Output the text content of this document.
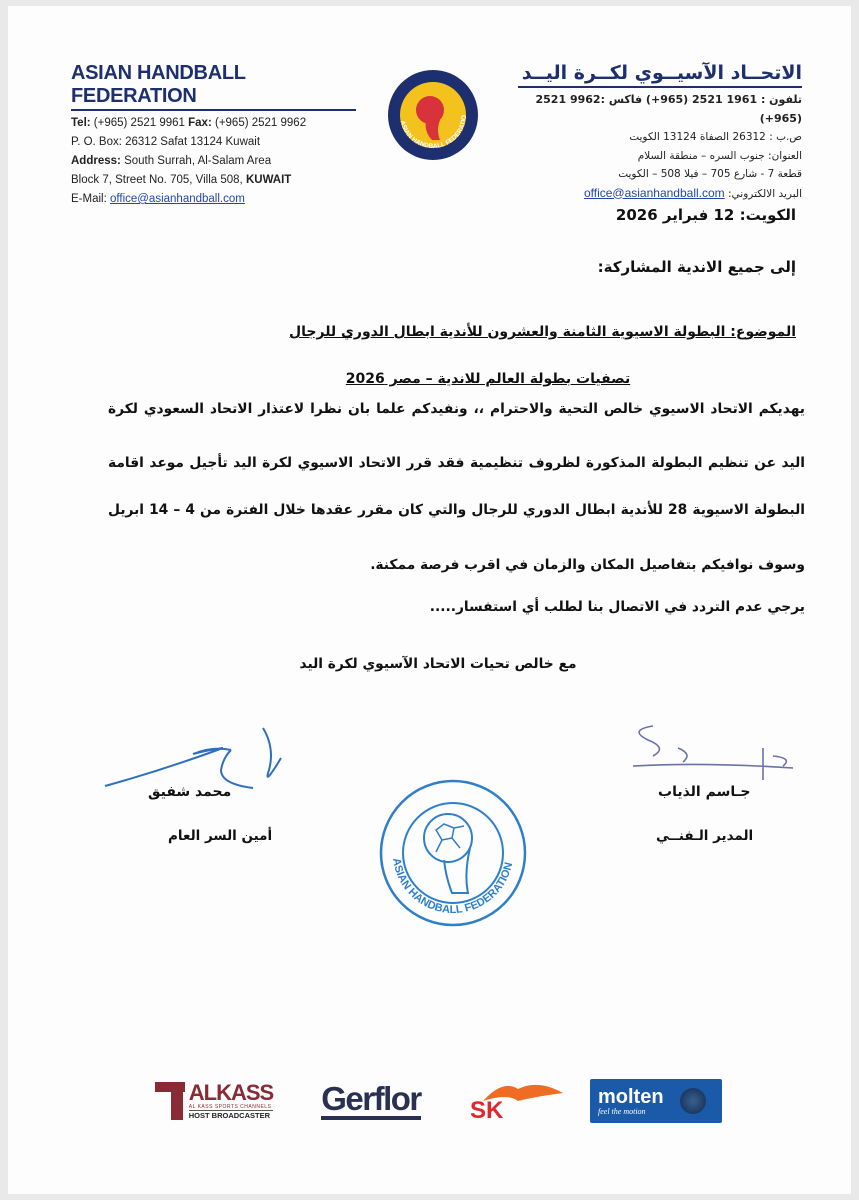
ASIAN HANDBALL FEDERATION
Tel: (+965) 2521 9961 Fax: (+965) 2521 9962
P. O. Box: 26312 Safat 13124 Kuwait
Address: South Surrah, Al-Salam Area
Block 7, Street No. 705, Villa 508, KUWAIT
E-Mail: office@asianhandball.com
ASIAN HANDBALL FEDERATIO
الاتحــاد الآسيــوي لكــرة اليــد
تلفون : 1961 2521 (965+) فاكس :9962 2521 (965+)
ص.ب : 26312 الصفاة 13124 الكويت
العنوان: جنوب السره – منطقة السلام
قطعة 7 - شارع 705 – فيلا 508 – الكويت
البريد الالكتروني: office@asianhandball.com
الكويت: 12 فبراير 2026
إلى جميع الاندية المشاركة:
الموضوع: البطولة الاسيوية الثامنة والعشرون للأندية ابطال الدوري للرجال
تصفيات بطولة العالم للاندية – مصر 2026
يهديكم الاتحاد الاسيوي خالص التحية والاحترام ،، ونفيدكم علما بان نظرا لاعتذار الاتحاد السعودي لكرة
اليد عن تنظيم البطولة المذكورة لظروف تنظيمية فقد قرر الاتحاد الاسيوي لكرة اليد تأجيل موعد اقامة
البطولة الاسيوية 28 للأندية ابطال الدوري للرجال والتي كان مقرر عقدها خلال الفترة من 4 – 14 ابريل
وسوف نوافيكم بتفاصيل المكان والزمان في اقرب فرصة ممكنة.
يرجي عدم التردد في الاتصال بنا لطلب أي استفسار.....
مع خالص تحيات الاتحاد الآسيوي لكرة اليد
محمد شفيق
أمين السر العام
جـاسم الذياب
المدير الـفنــي
ASIAN HANDBALL FEDERATION
ALKASS
AL KASS SPORTS CHANNELS
HOST BROADCASTER Gerflor SK	molten
feel the motion
